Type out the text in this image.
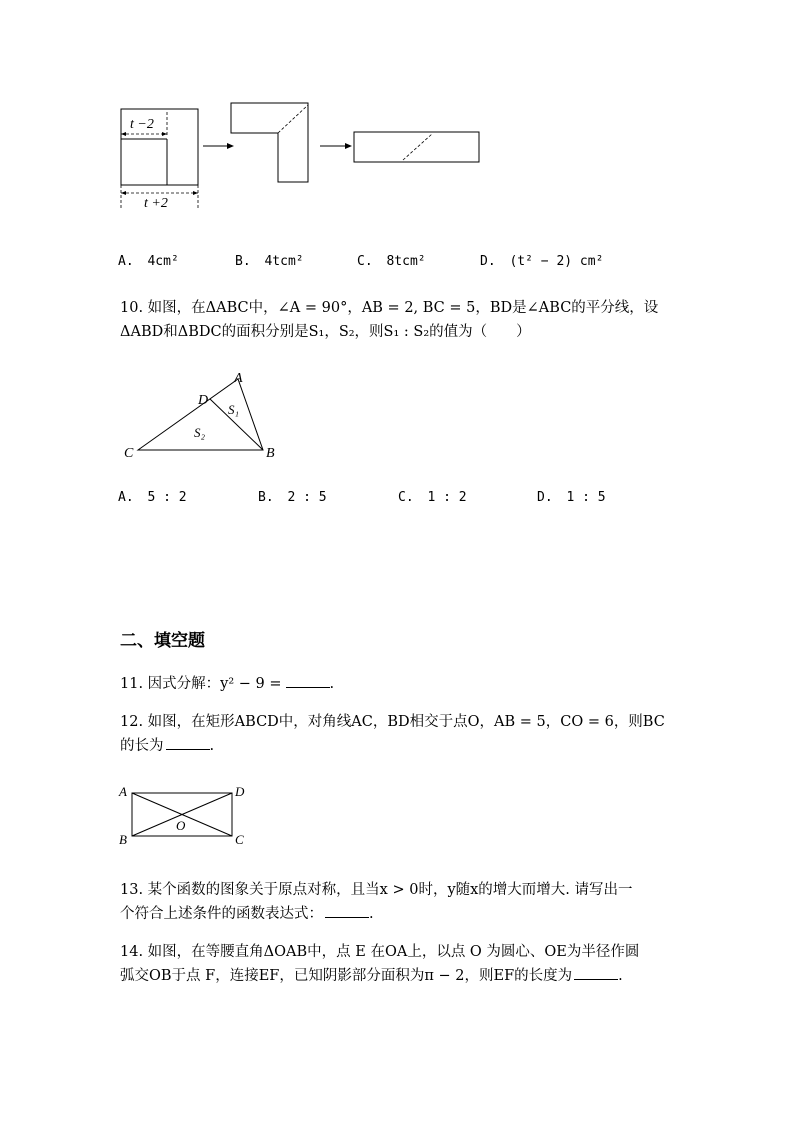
t −2
t +2
A. 4cm²	B. 4tcm²	C. 8tcm²	D. (t² − 2) cm²
10. 如图，在ΔABC中，∠A = 90°，AB = 2, BC = 5，BD是∠ABC的平分线，设
ΔABD和ΔBDC的面积分别是S₁，S₂，则S₁ : S₂的值为（　　）
A
B
C
D
S₁
S₂
A. 5 : 2	B. 2 : 5	C. 1 : 2	D. 1 : 5
二、填空题
11. 因式分解：y² − 9 =	.
12. 如图，在矩形ABCD中，对角线AC，BD相交于点O，AB = 5，CO = 6，则BC
的长为	.
A	D
B	C
O
13. 某个函数的图象关于原点对称，且当x > 0时，y随x的增大而增大. 请写出一
个符合上述条件的函数表达式：	.
14. 如图，在等腰直角ΔOAB中，点 E 在OA上，以点 O 为圆心、OE为半径作圆
弧交OB于点 F，连接EF，已知阴影部分面积为π − 2，则EF的长度为	.
